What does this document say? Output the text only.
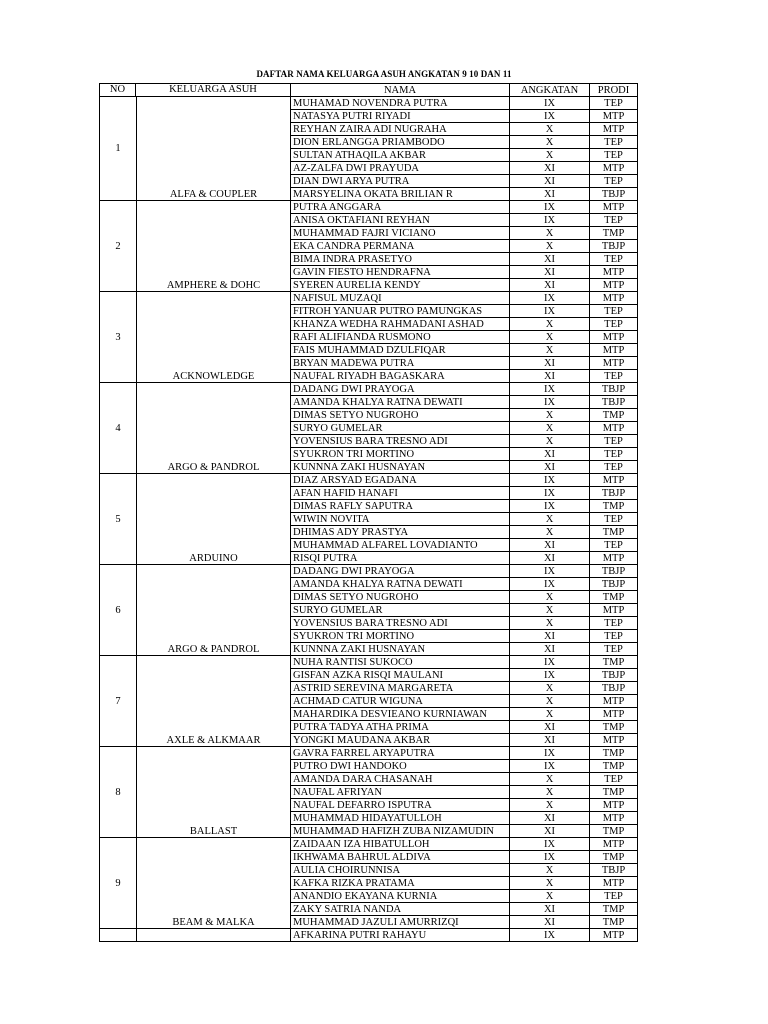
DAFTAR NAMA KELUARGA ASUH ANGKATAN 9 10 DAN 11
NO KELUARGA ASUH	NAMA	ANGKATAN	PRODI

1
ALFA & COUPLER	MUHAMAD NOVENDRA PUTRA	IX	TEP
	NATASYA PUTRI RIYADI	IX	MTP
	REYHAN ZAIRA ADI NUGRAHA	X	MTP
	DION ERLANGGA PRIAMBODO	X	TEP
	SULTAN ATHAQILA AKBAR	X	TEP
	AZ-ZALFA DWI PRAYUDA	XI	MTP
	DIAN DWI ARYA PUTRA	XI	TEP
	MARSYELINA OKATA BRILIAN R	XI	TBJP

2
AMPHERE & DOHC	PUTRA ANGGARA	IX	MTP
	ANISA OKTAFIANI REYHAN	IX	TEP
	MUHAMMAD FAJRI VICIANO	X	TMP
	EKA CANDRA PERMANA	X	TBJP
	BIMA INDRA PRASETYO	XI	TEP
	GAVIN FIESTO HENDRAFNA	XI	MTP
	SYEREN AURELIA KENDY	XI	MTP

3
ACKNOWLEDGE	NAFISUL MUZAQI	IX	MTP
	FITROH YANUAR PUTRO PAMUNGKAS	IX	TEP
	KHANZA WEDHA RAHMADANI ASHAD	X	TEP
	RAFI ALIFIANDA RUSMONO	X	MTP
	FAIS MUHAMMAD DZULFIQAR	X	MTP
	BRYAN MADEWA PUTRA	XI	MTP
	NAUFAL RIYADH BAGASKARA	XI	TEP

4
ARGO & PANDROL	DADANG DWI PRAYOGA	IX	TBJP
	AMANDA KHALYA RATNA DEWATI	IX	TBJP
	DIMAS SETYO NUGROHO	X	TMP
	SURYO GUMELAR	X	MTP
	YOVENSIUS BARA TRESNO ADI	X	TEP
	SYUKRON TRI MORTINO	XI	TEP
	KUNNNA ZAKI HUSNAYAN	XI	TEP

5
ARDUINO	DIAZ ARSYAD EGADANA	IX	MTP
	AFAN HAFID HANAFI	IX	TBJP
	DIMAS RAFLY SAPUTRA	IX	TMP
	WIWIN NOVITA	X	TEP
	DHIMAS ADY PRASTYA	X	TMP
	MUHAMMAD ALFAREL LOVADIANTO	XI	TEP
	RISQI PUTRA	XI	MTP

6
ARGO & PANDROL	DADANG DWI PRAYOGA	IX	TBJP
	AMANDA KHALYA RATNA DEWATI	IX	TBJP
	DIMAS SETYO NUGROHO	X	TMP
	SURYO GUMELAR	X	MTP
	YOVENSIUS BARA TRESNO ADI	X	TEP
	SYUKRON TRI MORTINO	XI	TEP
	KUNNNA ZAKI HUSNAYAN	XI	TEP

7
AXLE & ALKMAAR	NUHA RANTISI SUKOCO	IX	TMP
	GISFAN AZKA RISQI MAULANI	IX	TBJP
	ASTRID SEREVINA MARGARETA	X	TBJP
	ACHMAD CATUR WIGUNA	X	MTP
	MAHARDIKA DESVIEANO KURNIAWAN	X	MTP
	PUTRA TADYA ATHA PRIMA	XI	TMP
	YONGKI MAUDANA AKBAR	XI	MTP

8
BALLAST	GAVRA FARREL ARYAPUTRA	IX	TMP
	PUTRO DWI HANDOKO	IX	TMP
	AMANDA DARA CHASANAH	X	TEP
	NAUFAL AFRIYAN	X	TMP
	NAUFAL DEFARRO ISPUTRA	X	MTP
	MUHAMMAD HIDAYATULLOH	XI	MTP
	MUHAMMAD HAFIZH ZUBA NIZAMUDIN	XI	TMP

9
BEAM & MALKA	ZAIDAAN IZA HIBATULLOH	IX	MTP
	IKHWAMA BAHRUL ALDIVA	IX	TMP
	AULIA CHOIRUNNISA	X	TBJP
	KAFKA RIZKA PRATAMA	X	MTP
	ANANDIO EKAYANA KURNIA	X	TEP
	ZAKY SATRIA NANDA	XI	TMP
	MUHAMMAD JAZULI AMURRIZQI	XI	TMP

	AFKARINA PUTRI RAHAYU	IX	MTP
